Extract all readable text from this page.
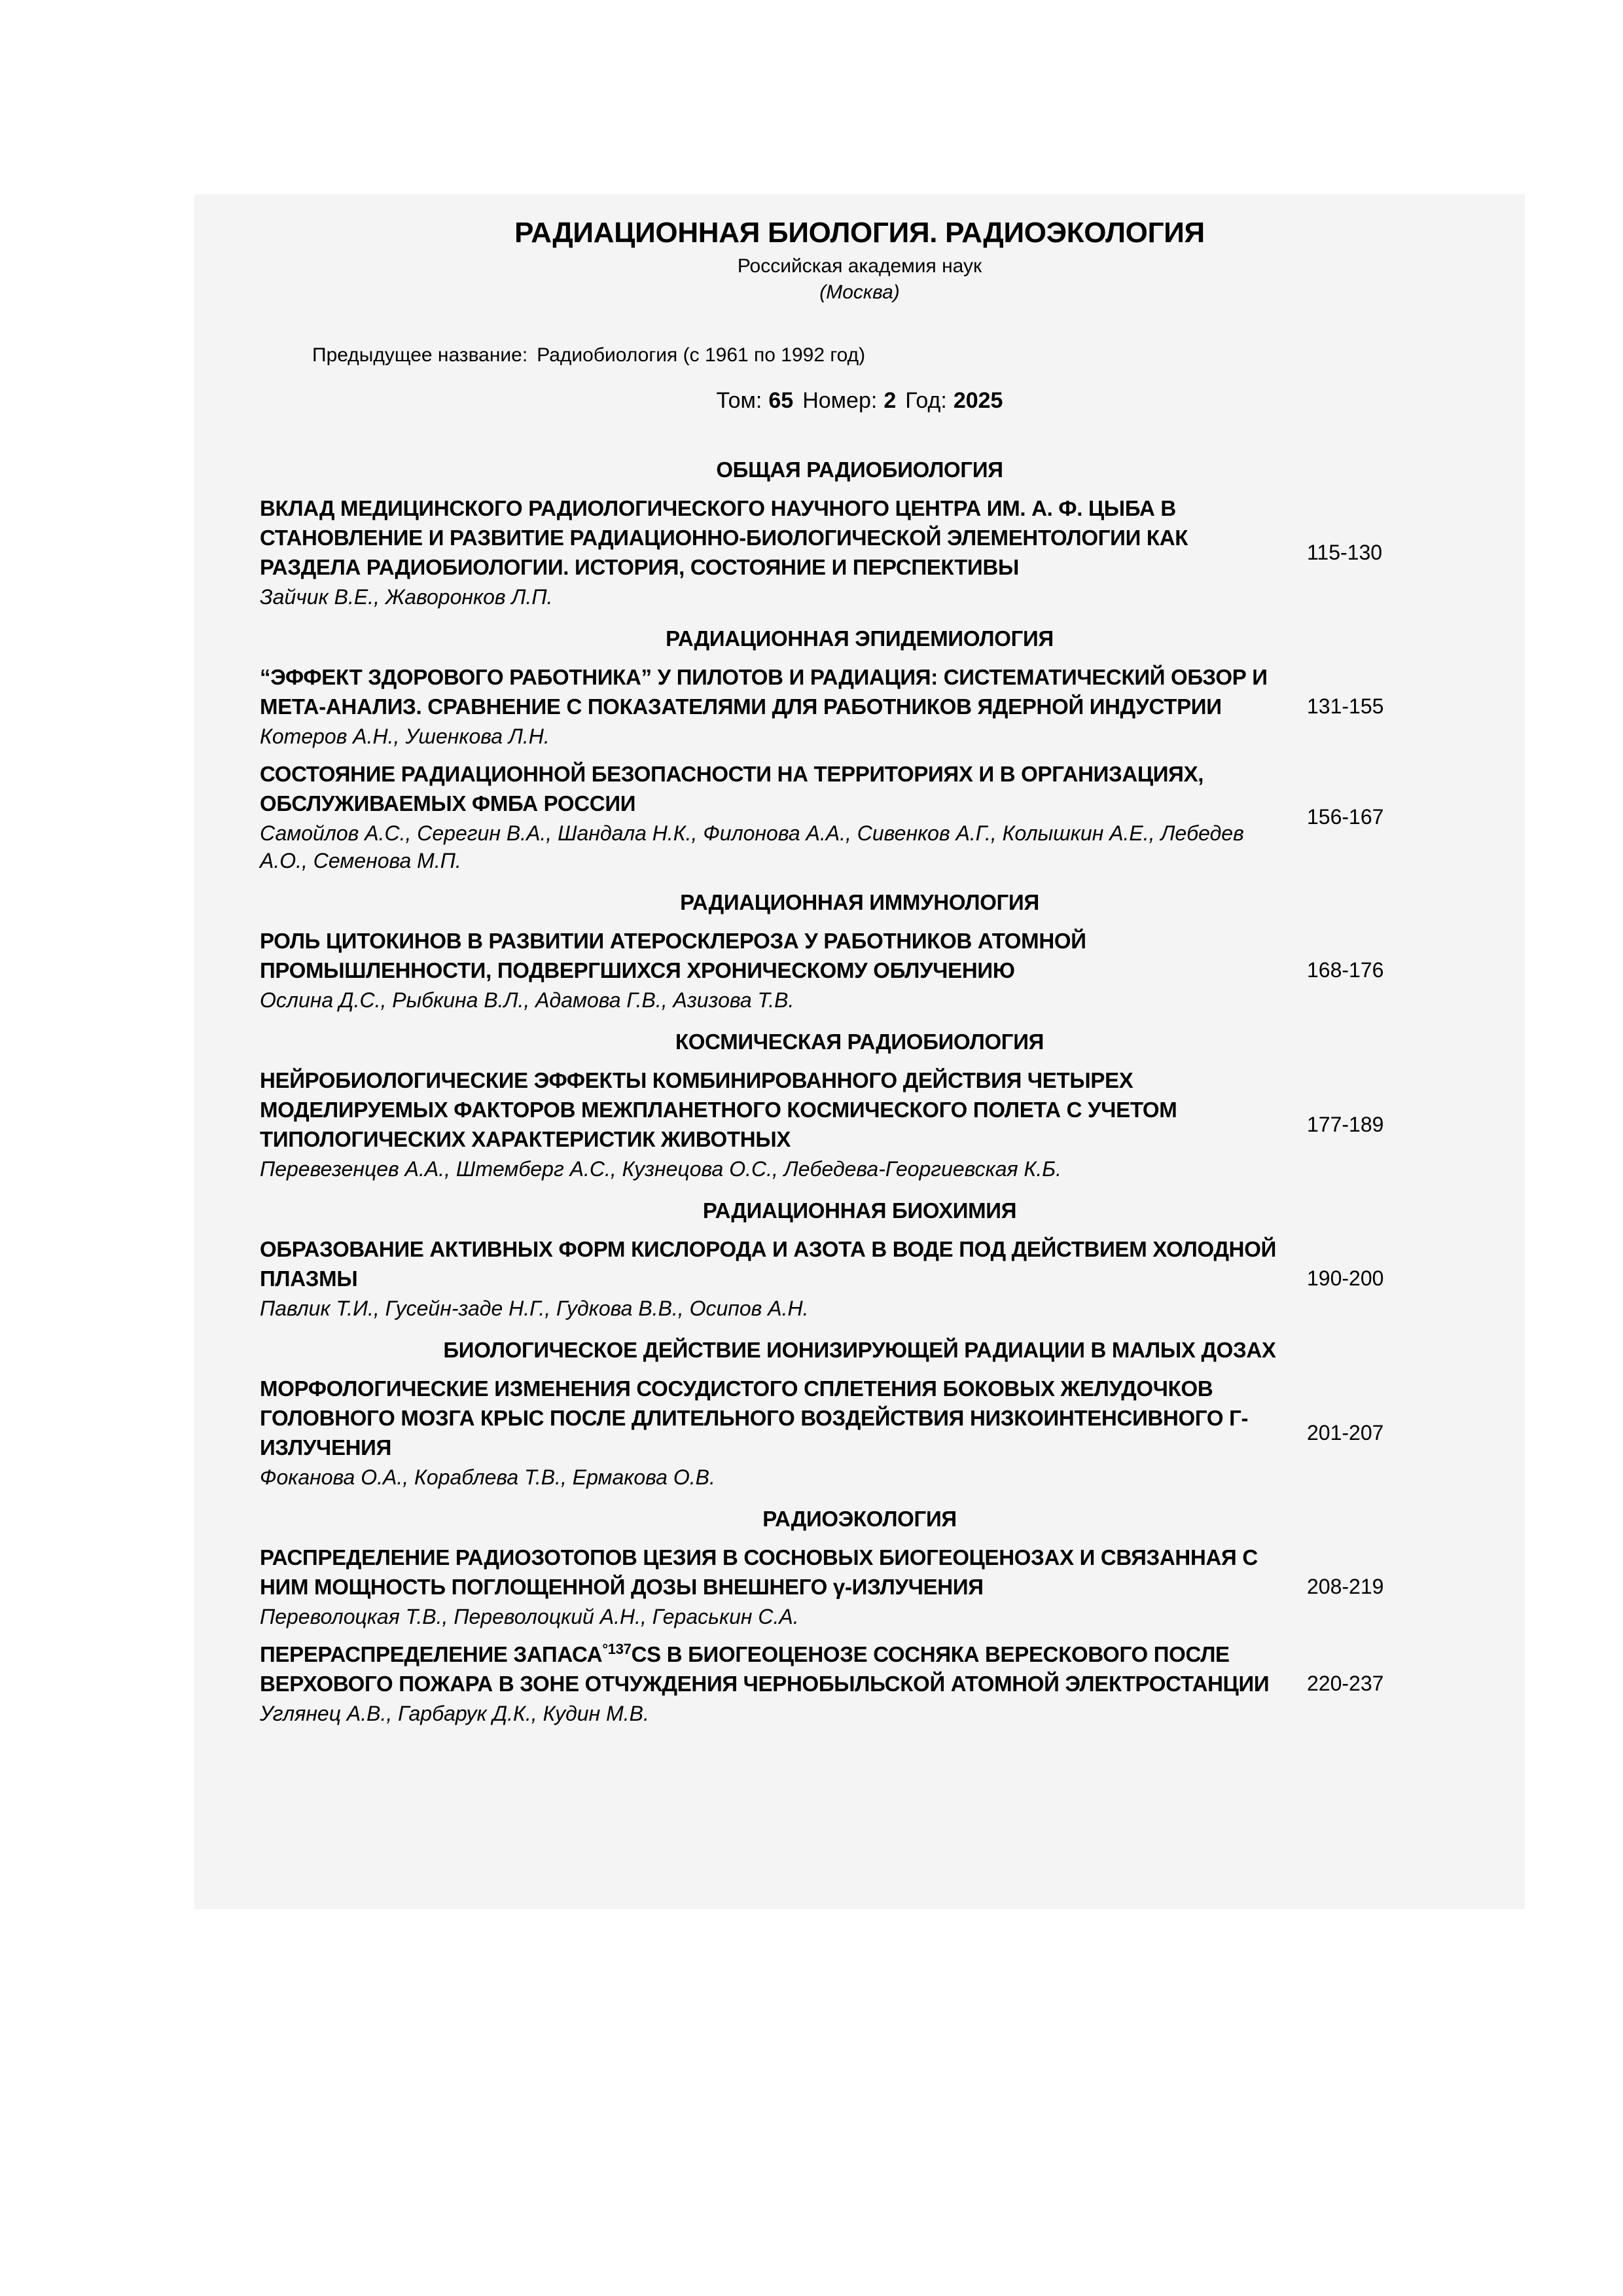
РАДИАЦИОННАЯ БИОЛОГИЯ. РАДИОЭКОЛОГИЯ
Российская академия наук
(Москва)
Предыдущее название: Радиобиология (с 1961 по 1992 год)
Том: 65 Номер: 2 Год: 2025
ОБЩАЯ РАДИОБИОЛОГИЯ
ВКЛАД МЕДИЦИНСКОГО РАДИОЛОГИЧЕСКОГО НАУЧНОГО ЦЕНТРА ИМ. А. Ф. ЦЫБА В СТАНОВЛЕНИЕ И РАЗВИТИЕ РАДИАЦИОННО-БИОЛОГИЧЕСКОЙ ЭЛЕМЕНТОЛОГИИ КАК РАЗДЕЛА РАДИОБИОЛОГИИ. ИСТОРИЯ, СОСТОЯНИЕ И ПЕРСПЕКТИВЫ
Зайчик В.Е., Жаворонков Л.П.
115-130
РАДИАЦИОННАЯ ЭПИДЕМИОЛОГИЯ
“ЭФФЕКТ ЗДОРОВОГО РАБОТНИКА” У ПИЛОТОВ И РАДИАЦИЯ: СИСТЕМАТИЧЕСКИЙ ОБЗОР И МЕТА-АНАЛИЗ. СРАВНЕНИЕ С ПОКАЗАТЕЛЯМИ ДЛЯ РАБОТНИКОВ ЯДЕРНОЙ ИНДУСТРИИ
Котеров А.Н., Ушенкова Л.Н.
131-155
СОСТОЯНИЕ РАДИАЦИОННОЙ БЕЗОПАСНОСТИ НА ТЕРРИТОРИЯХ И В ОРГАНИЗАЦИЯХ, ОБСЛУЖИВАЕМЫХ ФМБА РОССИИ
Самойлов А.С., Серегин В.А., Шандала Н.К., Филонова А.А., Сивенков А.Г., Колышкин А.Е., Лебедев А.О., Семенова М.П.
156-167
РАДИАЦИОННАЯ ИММУНОЛОГИЯ
РОЛЬ ЦИТОКИНОВ В РАЗВИТИИ АТЕРОСКЛЕРОЗА У РАБОТНИКОВ АТОМНОЙ ПРОМЫШЛЕННОСТИ, ПОДВЕРГШИХСЯ ХРОНИЧЕСКОМУ ОБЛУЧЕНИЮ
Ослина Д.С., Рыбкина В.Л., Адамова Г.В., Азизова Т.В.
168-176
КОСМИЧЕСКАЯ РАДИОБИОЛОГИЯ
НЕЙРОБИОЛОГИЧЕСКИЕ ЭФФЕКТЫ КОМБИНИРОВАННОГО ДЕЙСТВИЯ ЧЕТЫРЕХ МОДЕЛИРУЕМЫХ ФАКТОРОВ МЕЖПЛАНЕТНОГО КОСМИЧЕСКОГО ПОЛЕТА С УЧЕТОМ ТИПОЛОГИЧЕСКИХ ХАРАКТЕРИСТИК ЖИВОТНЫХ
Перевезенцев А.А., Штемберг А.С., Кузнецова О.С., Лебедева-Георгиевская К.Б.
177-189
РАДИАЦИОННАЯ БИОХИМИЯ
ОБРАЗОВАНИЕ АКТИВНЫХ ФОРМ КИСЛОРОДА И АЗОТА В ВОДЕ ПОД ДЕЙСТВИЕМ ХОЛОДНОЙ ПЛАЗМЫ
Павлик Т.И., Гусейн-заде Н.Г., Гудкова В.В., Осипов А.Н.
190-200
БИОЛОГИЧЕСКОЕ ДЕЙСТВИЕ ИОНИЗИРУЮЩЕЙ РАДИАЦИИ В МАЛЫХ ДОЗАХ
МОРФОЛОГИЧЕСКИЕ ИЗМЕНЕНИЯ СОСУДИСТОГО СПЛЕТЕНИЯ БОКОВЫХ ЖЕЛУДОЧКОВ ГОЛОВНОГО МОЗГА КРЫС ПОСЛЕ ДЛИТЕЛЬНОГО ВОЗДЕЙСТВИЯ НИЗКОИНТЕНСИВНОГО Г-ИЗЛУЧЕНИЯ
Фоканова О.А., Кораблева Т.В., Ермакова О.В.
201-207
РАДИОЭКОЛОГИЯ
РАСПРЕДЕЛЕНИЕ РАДИОЗОТОПОВ ЦЕЗИЯ В СОСНОВЫХ БИОГЕОЦЕНОЗАХ И СВЯЗАННАЯ С НИМ МОЩНОСТЬ ПОГЛОЩЕННОЙ ДОЗЫ ВНЕШНЕГО γ-ИЗЛУЧЕНИЯ
Переволоцкая Т.В., Переволоцкий А.Н., Гераськин С.А.
208-219
ПЕРЕРАСПРЕДЕЛЕНИЕ $ЗАПАСА^{^\circ 137}CS$ В БИОГЕОЦЕНОЗЕ СОСНЯКА ВЕРЕСКОВОГО ПОСЛЕ ВЕРХОВОГО ПОЖАРА В ЗОНЕ ОТЧУЖДЕНИЯ ЧЕРНОБЫЛЬСКОЙ АТОМНОЙ ЭЛЕКТРОСТАНЦИИ
Углянец А.В., Гарбарук Д.К., Кудин М.В.
220-237
